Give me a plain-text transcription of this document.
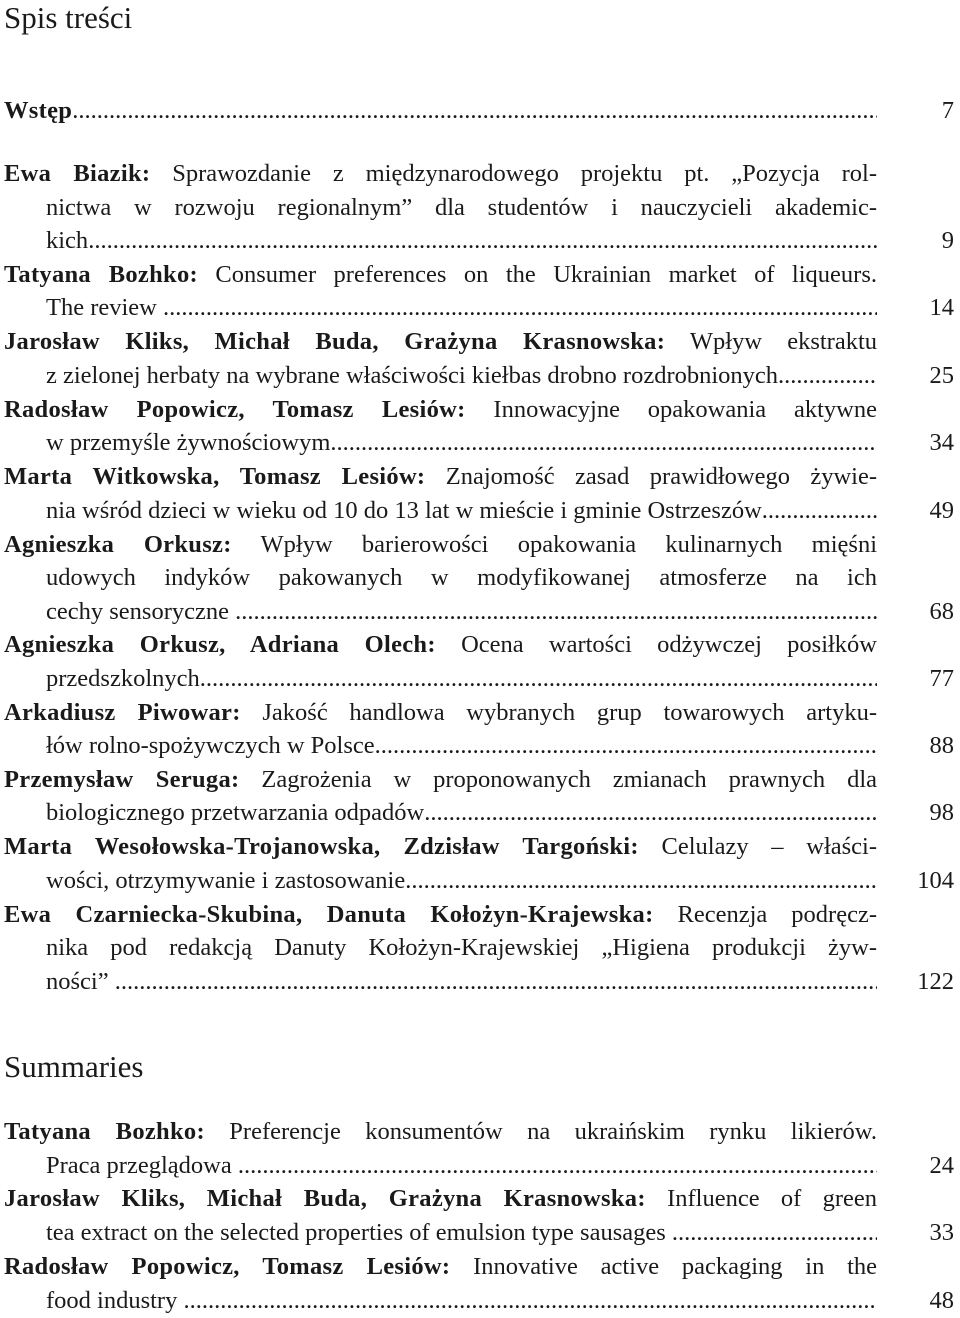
Spis treści
7
Wstęp
.....
Ewa Biazik: Sprawozdanie z międzynarodowego projektu pt. „Pozycja rol-
nictwa w rozwoju regionalnym” dla studentów i nauczycieli akademic-
9
kich
.....
Tatyana Bozhko: Consumer preferences on the Ukrainian market of liqueurs.
14
The review
.....
Jarosław Kliks, Michał Buda, Grażyna Krasnowska: Wpływ ekstraktu
25
z zielonej herbaty na wybrane właściwości kiełbas drobno rozdrobnionych
.....
Radosław Popowicz, Tomasz Lesiów: Innowacyjne opakowania aktywne
34
w przemyśle żywnościowym
.....
Marta Witkowska, Tomasz Lesiów: Znajomość zasad prawidłowego żywie-
49
nia wśród dzieci w wieku od 10 do 13 lat w mieście i gminie Ostrzeszów
.....
Agnieszka Orkusz: Wpływ barierowości opakowania kulinarnych mięśni
udowych indyków pakowanych w modyfikowanej atmosferze na ich
68
cechy sensoryczne
.....
Agnieszka Orkusz, Adriana Olech: Ocena wartości odżywczej posiłków
77
przedszkolnych
.....
Arkadiusz Piwowar: Jakość handlowa wybranych grup towarowych artyku-
88
łów rolno-spożywczych w Polsce
.....
Przemysław Seruga: Zagrożenia w proponowanych zmianach prawnych dla
98
biologicznego przetwarzania odpadów
.....
Marta Wesołowska-Trojanowska, Zdzisław Targoński: Celulazy – właści-
104
wości, otrzymywanie i zastosowanie
.....
Ewa Czarniecka-Skubina, Danuta Kołożyn-Krajewska: Recenzja podręcz-
nika pod redakcją Danuty Kołożyn-Krajewskiej „Higiena produkcji żyw-
122
ności”
.....
Summaries
Tatyana Bozhko: Preferencje konsumentów na ukraińskim rynku likierów.
24
Praca przeglądowa
.....
Jarosław Kliks, Michał Buda, Grażyna Krasnowska: Influence of green
33
tea extract on the selected properties of emulsion type sausages
.....
Radosław Popowicz, Tomasz Lesiów: Innovative active packaging in the
48
food industry
.....
